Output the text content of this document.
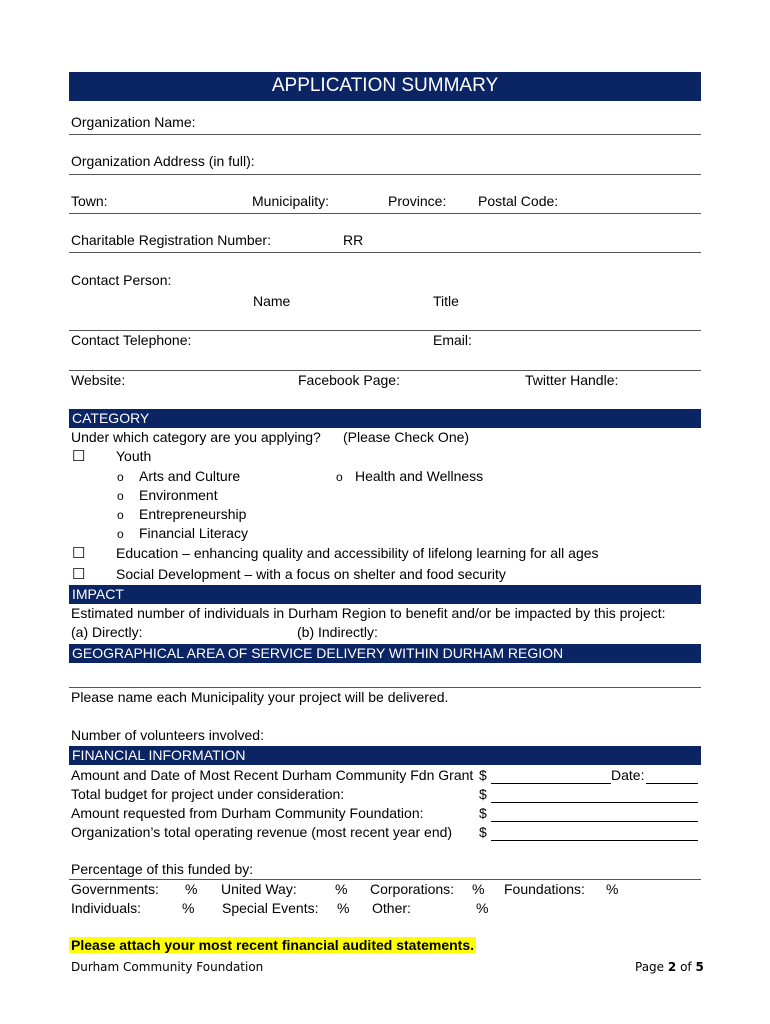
APPLICATION SUMMARY
Organization Name:
Organization Address (in full):
Town:	Municipality:	Province: Postal Code:
Charitable Registration Number:	RR
Contact Person:
Name	Title
Contact Telephone:	Email:
Website:	Facebook Page:	Twitter Handle:
CATEGORY
Under which category are you applying? (Please Check One)
☐ Youth
o Arts and Culture	o Health and Wellness
o Environment
o Entrepreneurship
o Financial Literacy
☐ Education – enhancing quality and accessibility of lifelong learning for all ages
☐ Social Development – with a focus on shelter and food security
IMPACT
Estimated number of individuals in Durham Region to benefit and/or be impacted by this project:
(a) Directly:	(b) Indirectly:
GEOGRAPHICAL AREA OF SERVICE DELIVERY WITHIN DURHAM REGION
Please name each Municipality your project will be delivered.
Number of volunteers involved:
FINANCIAL INFORMATION
Amount and Date of Most Recent Durham Community Fdn Grant $	Date:
Total budget for project under consideration:	$
Amount requested from Durham Community Foundation:	$
Organization’s total operating revenue (most recent year end) $
Percentage of this funded by:
Governments: % United Way:	% Corporations: % Foundations: %
Individuals:	% Special Events: % Other:	%
Please attach your most recent financial audited statements.
Durham Community Foundation	Page 2 of 5
